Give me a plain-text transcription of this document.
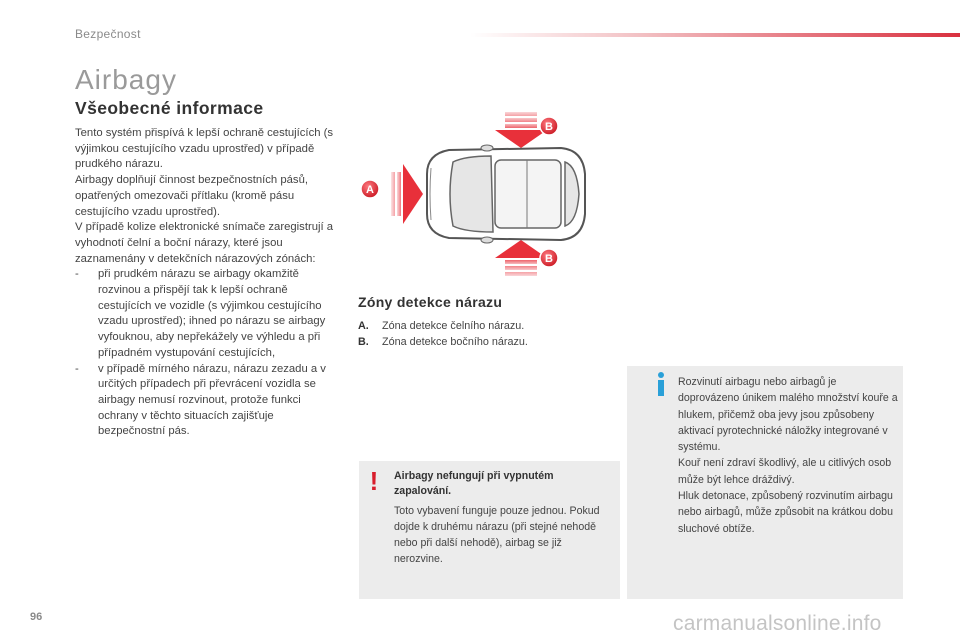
Bezpečnost
Airbagy
Všeobecné informace

Tento systém přispívá k lepší ochraně cestujících (s výjimkou cestujícího vzadu uprostřed) v případě prudkého nárazu.

Airbagy doplňují činnost bezpečnostních pásů, opatřených omezovači přítlaku (kromě pásu cestujícího vzadu uprostřed).

V případě kolize elektronické snímače zaregistrují a vyhodnotí čelní a boční nárazy, které jsou zaznamenány v detekčních nárazových zónách:

- při prudkém nárazu se airbagy okamžitě rozvinou a přispějí tak k lepší ochraně cestujících ve vozidle (s výjimkou cestujícího vzadu uprostřed); ihned po nárazu se airbagy vyfouknou, aby nepřekážely ve výhledu a při případném vystupování cestujících,
- v případě mírného nárazu, nárazu zezadu a v určitých případech při převrácení vozidla se airbagy nemusí rozvinout, protože funkci ochrany v těchto situacích zajišťuje bezpečnostní pás.
B
A
B
Zóny detekce nárazu
A. Zóna detekce čelního nárazu.
B. Zóna detekce bočního nárazu.
!	Airbagy nefungují při vypnutém zapalování.
Toto vybavení funguje pouze jednou. Pokud dojde k druhému nárazu (při stejné nehodě nebo při další nehodě), airbag se již nerozvine.
Rozvinutí airbagu nebo airbagů je doprovázeno únikem malého množství kouře a hlukem, přičemž oba jevy jsou způsobeny aktivací pyrotechnické náložky integrované v systému.
Kouř není zdraví škodlivý, ale u citlivých osob může být lehce dráždivý.
Hluk detonace, způsobený rozvinutím airbagu nebo airbagů, může způsobit na krátkou dobu sluchové obtíže.
96	carmanualsonline.info
